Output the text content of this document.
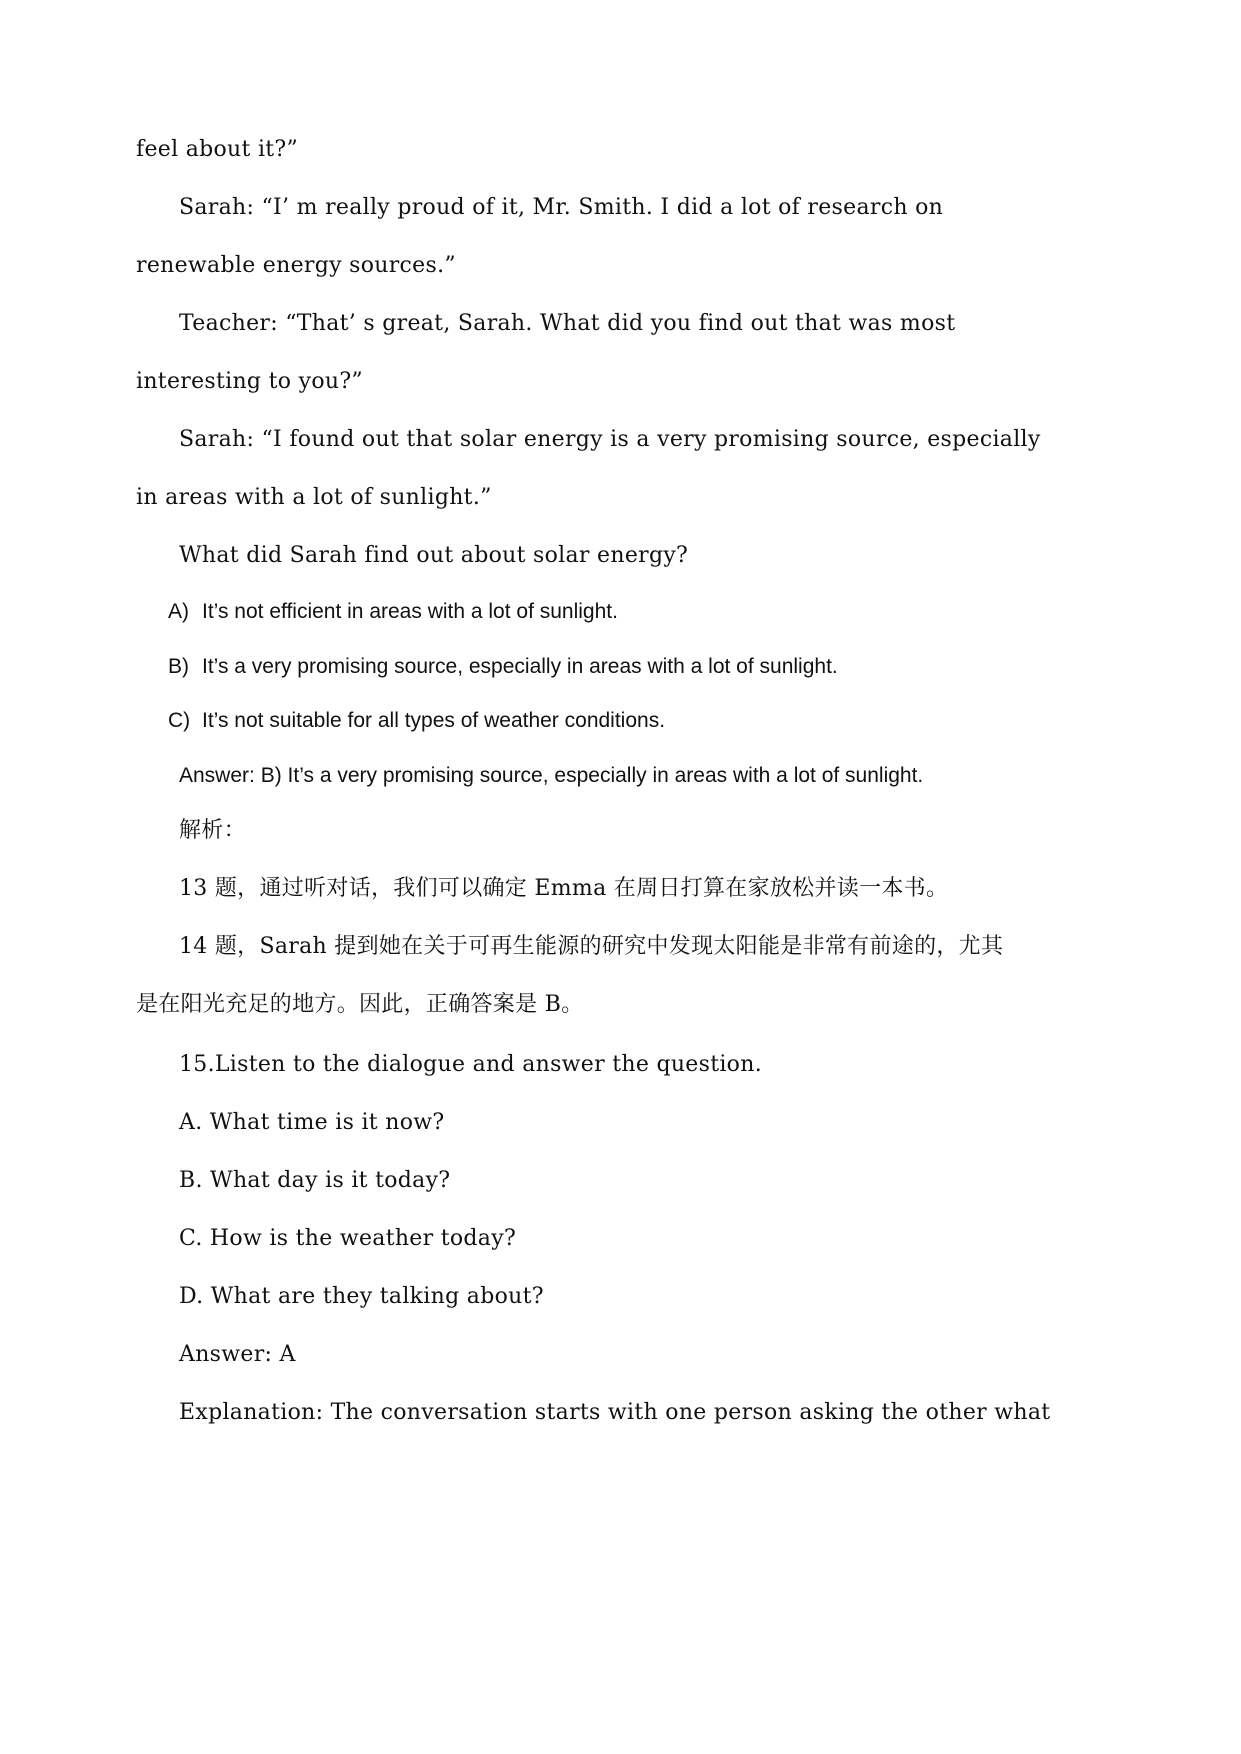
feel about it?”
Sarah: “I’ m really proud of it, Mr. Smith. I did a lot of research on
renewable energy sources.”
Teacher: “That’ s great, Sarah. What did you find out that was most
interesting to you?”
Sarah: “I found out that solar energy is a very promising source, especially
in areas with a lot of sunlight.”
What did Sarah find out about solar energy?
A) It’s not efficient in areas with a lot of sunlight.
B) It’s a very promising source, especially in areas with a lot of sunlight.
C) It’s not suitable for all types of weather conditions.
Answer: B) It’s a very promising source, especially in areas with a lot of sunlight.
解析：
13 题，通过听对话，我们可以确定 Emma 在周日打算在家放松并读一本书。
14 题，Sarah 提到她在关于可再生能源的研究中发现太阳能是非常有前途的，尤其
是在阳光充足的地方。因此，正确答案是 B。
15.Listen to the dialogue and answer the question.
A. What time is it now?
B. What day is it today?
C. How is the weather today?
D. What are they talking about?
Answer: A
Explanation: The conversation starts with one person asking the other what
